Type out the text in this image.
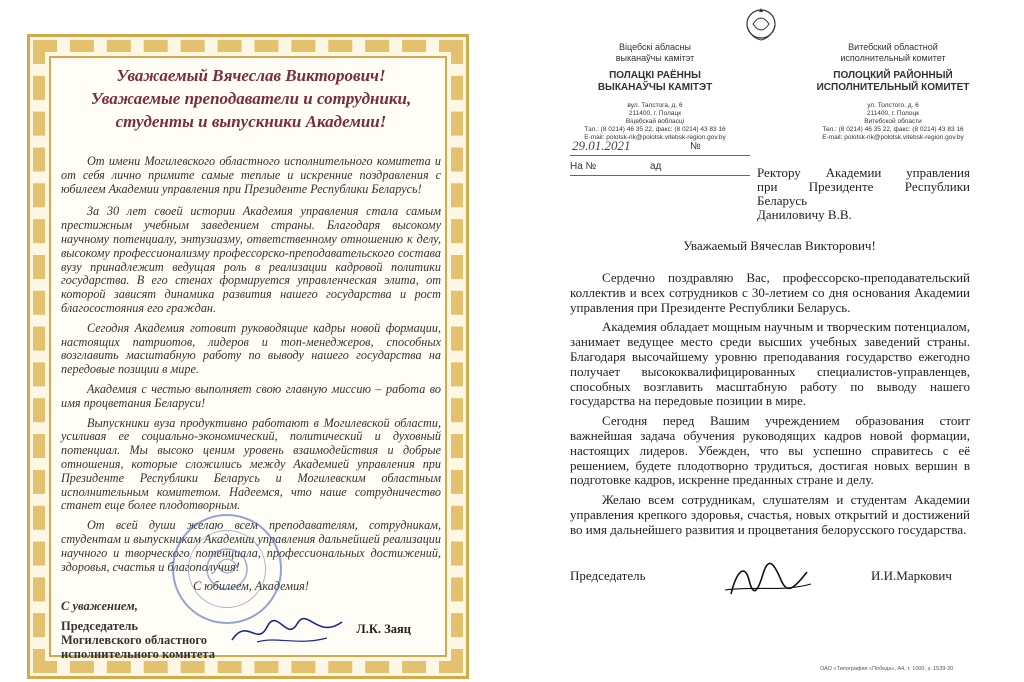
Уважаемый Вячеслав Викторович!

Уважаемые преподаватели и сотрудники,

студенты и выпускники Академии!

От имени Могилевского областного исполнительного комитета и от себя лично примите самые теплые и искренние поздравления с юбилеем Академии управления при Президенте Республики Беларусь!

За 30 лет своей истории Академия управления стала самым престижным учебным заведением страны. Благодаря высокому научному потенциалу, энтузиазму, ответственному отношению к делу, высокому профессионализму профессорско-преподавательского состава вузу принадлежит ведущая роль в реализации кадровой политики государства. В его стенах формируется управленческая элита, от которой зависят динамика развития нашего государства и рост благосостояния его граждан.

Сегодня Академия готовит руководящие кадры новой формации, настоящих патриотов, лидеров и топ-менеджеров, способных возглавить масштабную работу по выводу нашего государства на передовые позиции в мире.

Академия с честью выполняет свою главную миссию – работа во имя процветания Беларуси!

Выпускники вуза продуктивно работают в Могилевской области, усиливая ее социально-экономический, политический и духовный потенциал. Мы высоко ценим уровень взаимодействия и добрые отношения, которые сложились между Академией управления при Президенте Республики Беларусь и Могилевским областным исполнительным комитетом. Надеемся, что наше сотрудничество станет еще более плодотворным.

От всей души желаю всем преподавателям, сотрудникам, студентам и выпускникам Академии управления дальнейшей реализации научного и творческого потенциала, профессиональных достижений, здоровья, счастья и благополучия!

С юбилеем, Академия!

С уважением,

Председатель

Могилевского областного

исполнительного комитета

Л.К. Заяц
Віцебскі абласны
выканаўчы камітэт
ПОЛАЦКІ РАЁННЫ
ВЫКАНАЎЧЫ КАМІТЭТ
вул. Талстога, д. 6
211400, г. Полацк
Віцебскай вобласці
Тэл.: (8 0214) 46 35 22, факс: (8 0214) 43 83 16
E-mail: polotsk-rik@polotsk.vitebsk-region.gov.by
Витебский областной
исполнительный комитет
ПОЛОЦКИЙ РАЙОННЫЙ
ИСПОЛНИТЕЛЬНЫЙ КОМИТЕТ
ул. Толстого, д. 6
211400, г. Полоцк
Витебской области
Тел.: (8 0214) 46 35 22, факс: (8 0214) 43 83 16
E-mail: polotsk-rik@polotsk.vitebsk-region.gov.by
29.01.2021	№
На №	ад	Ректору Академии управления
при Президенте Республики
Беларусь
Даниловичу В.В.
Уважаемый Вячеслав Викторович!

Сердечно поздравляю Вас, профессорско-преподавательский коллектив и всех сотрудников с 30-летием со дня основания Академии управления при Президенте Республики Беларусь.

Академия обладает мощным научным и творческим потенциалом, занимает ведущее место среди высших учебных заведений страны. Благодаря высочайшему уровню преподавания государство ежегодно получает высококвалифицированных специалистов-управленцев, способных возглавить масштабную работу по выводу нашего государства на передовые позиции в мире.

Сегодня перед Вашим учреждением образования стоит важнейшая задача обучения руководящих кадров новой формации, настоящих лидеров. Убежден, что вы успешно справитесь с её решением, будете плодотворно трудиться, достигая новых вершин в подготовке кадров, искренне преданных стране и делу.

Желаю всем сотрудникам, слушателям и студентам Академии управления крепкого здоровья, счастья, новых открытий и достижений во имя дальнейшего развития и процветания белорусского государства.

Председатель	И.И.Маркович
ОАО «Типография «Победа», А4, т. 1000, з. 1539-20
